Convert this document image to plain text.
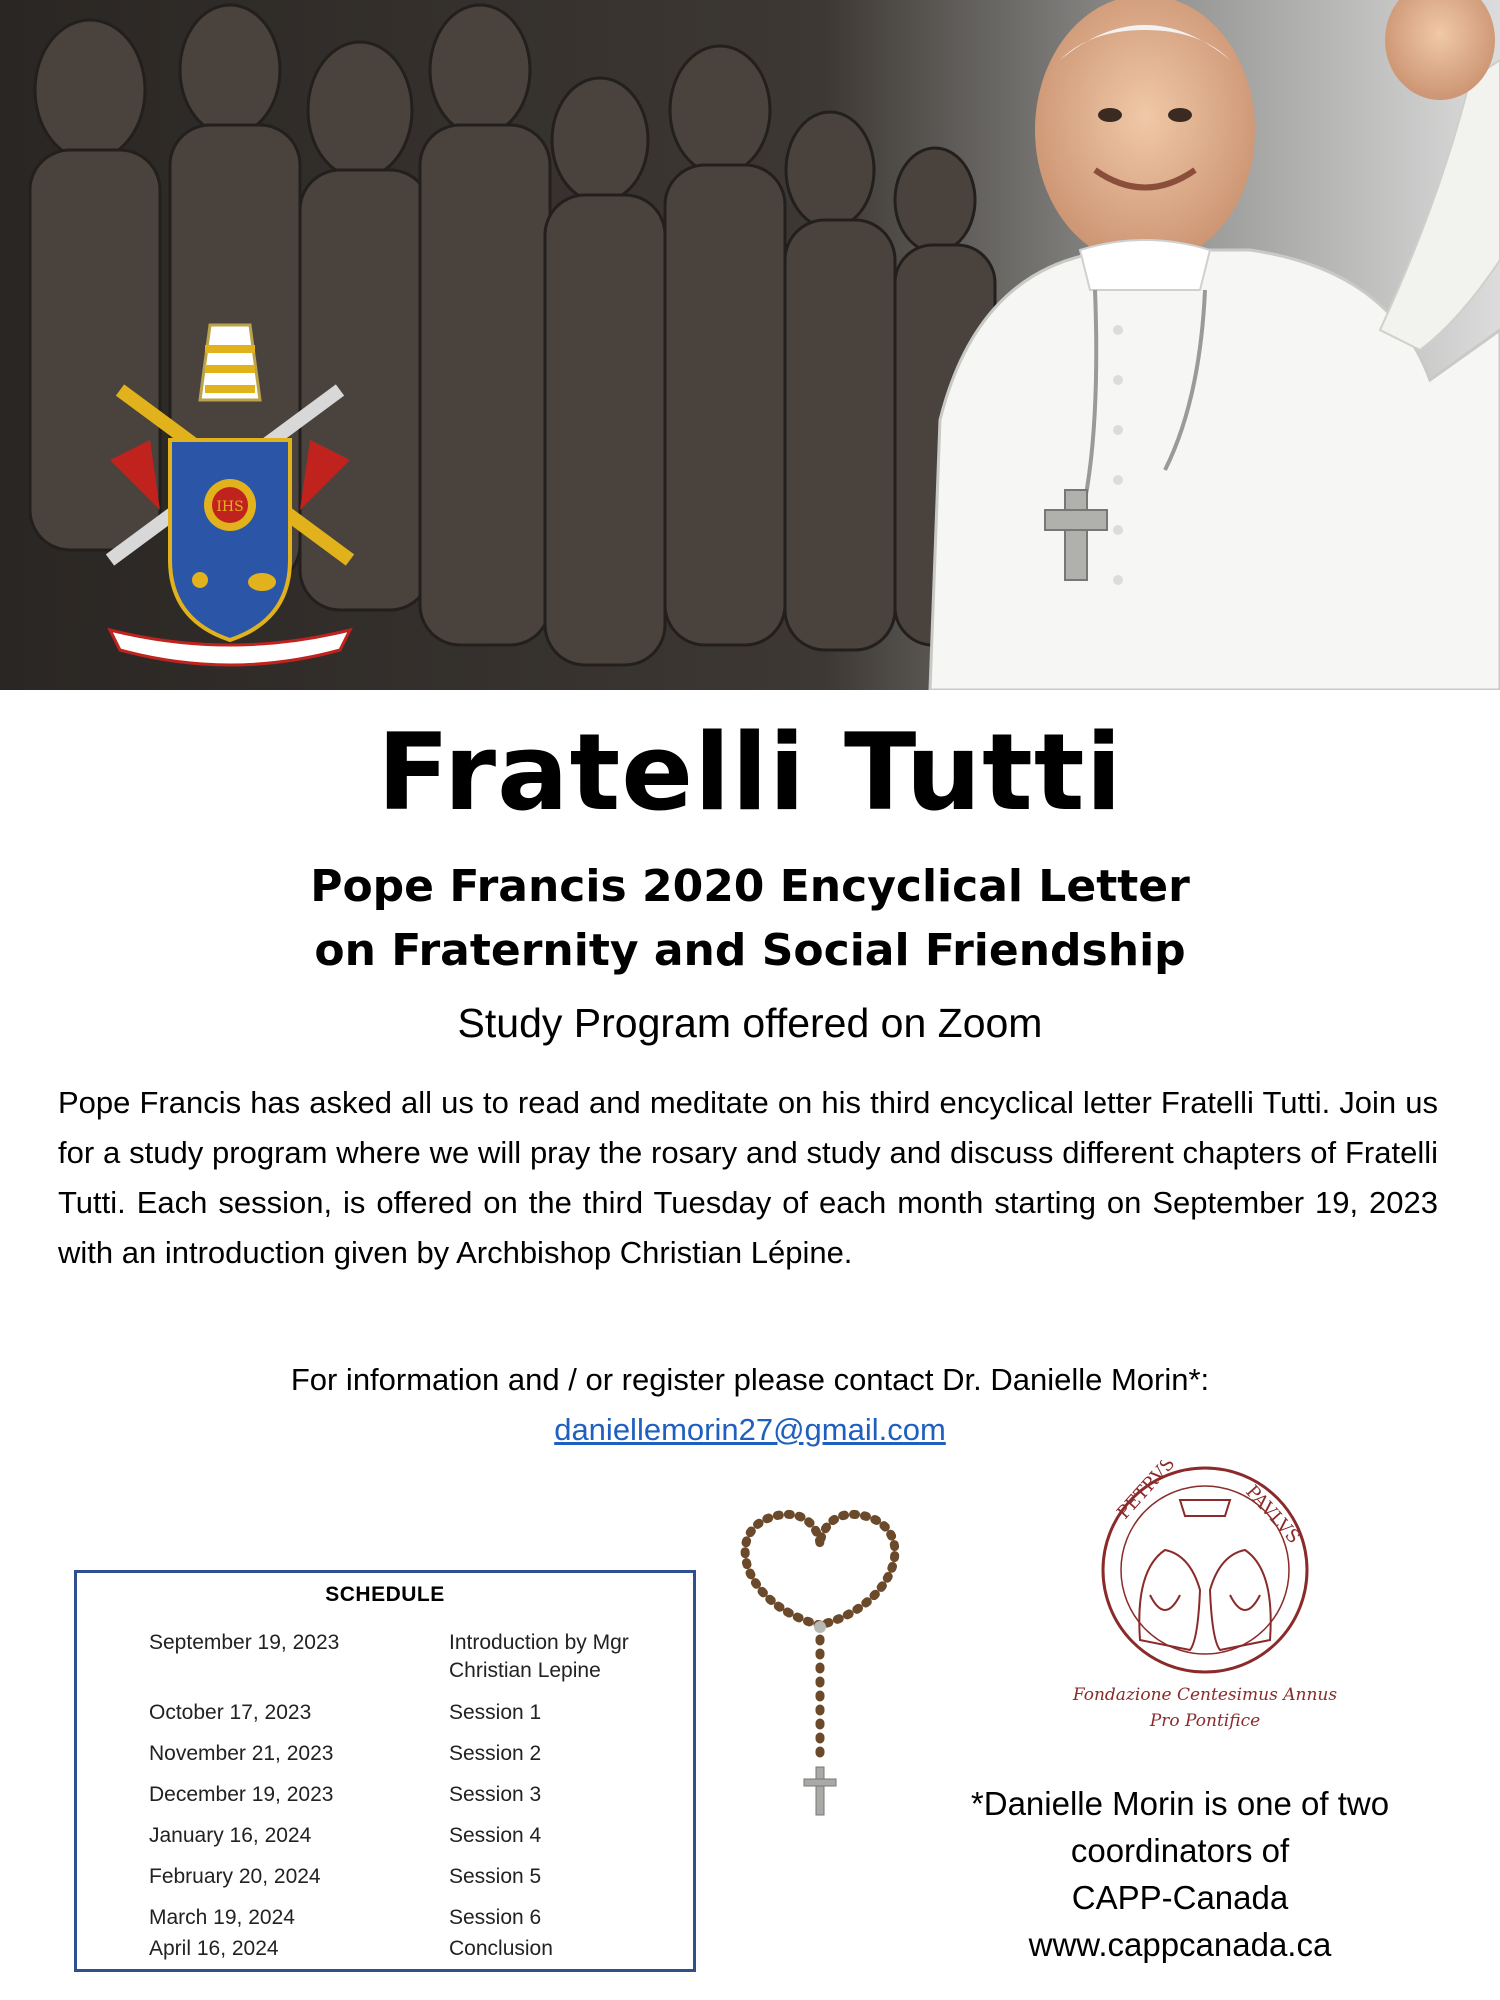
IHS
Fratelli Tutti
Pope Francis 2020 Encyclical Letter
on Fraternity and Social Friendship
Study Program offered on Zoom
Pope Francis has asked all us to read and meditate on his third encyclical letter Fratelli Tutti. Join us for a study program where we will pray the rosary and study and discuss different chapters of Fratelli Tutti. Each session, is offered on the third Tuesday of each month starting on September 19, 2023 with an introduction given by Archbishop Christian Lépine.
For information and / or register please contact Dr. Danielle Morin*:
daniellemorin27@gmail.com
SCHEDULE
September 19, 2023	Introduction by Mgr Christian Lepine
October 17, 2023	Session 1
November 21, 2023	Session 2
December 19, 2023	Session 3
January 16, 2024	Session 4
February 20, 2024	Session 5
March 19, 2024	Session 6
April 16, 2024	Conclusion
PETRVS	PAVLVS
Fondazione Centesimus Annus
Pro Pontifice
*Danielle Morin is one of two
coordinators of
CAPP-Canada
www.cappcanada.ca
